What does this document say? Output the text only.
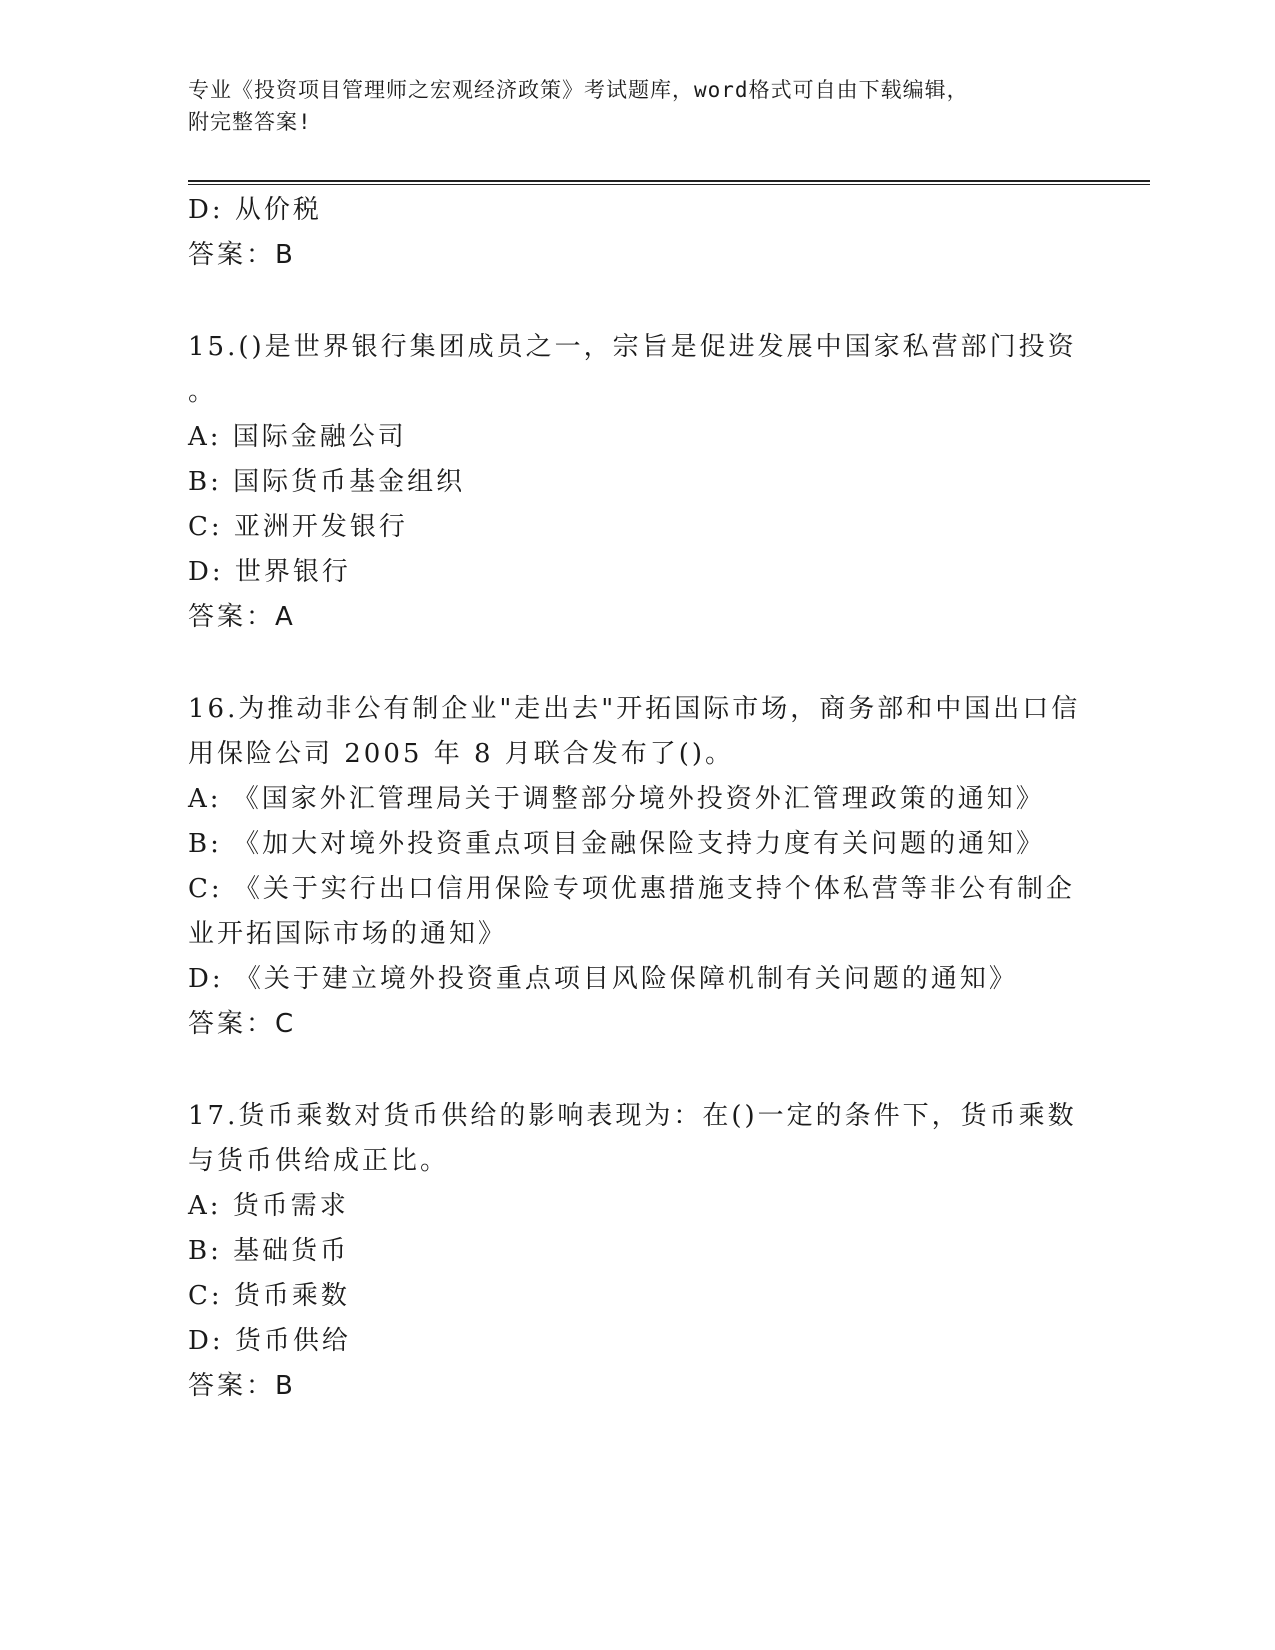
专业《投资项目管理师之宏观经济政策》考试题库，word格式可自由下载编辑，

附完整答案!

D: 从价税

答案：B

15.()是世界银行集团成员之一，宗旨是促进发展中国家私营部门投资

。

A: 国际金融公司

B: 国际货币基金组织

C: 亚洲开发银行

D: 世界银行

答案：A

16.为推动非公有制企业"走出去"开拓国际市场，商务部和中国出口信

用保险公司 2005 年 8 月联合发布了()。

A: 《国家外汇管理局关于调整部分境外投资外汇管理政策的通知》

B: 《加大对境外投资重点项目金融保险支持力度有关问题的通知》

C: 《关于实行出口信用保险专项优惠措施支持个体私营等非公有制企

业开拓国际市场的通知》

D: 《关于建立境外投资重点项目风险保障机制有关问题的通知》

答案：C

17.货币乘数对货币供给的影响表现为：在()一定的条件下，货币乘数

与货币供给成正比。

A: 货币需求

B: 基础货币

C: 货币乘数

D: 货币供给

答案：B
